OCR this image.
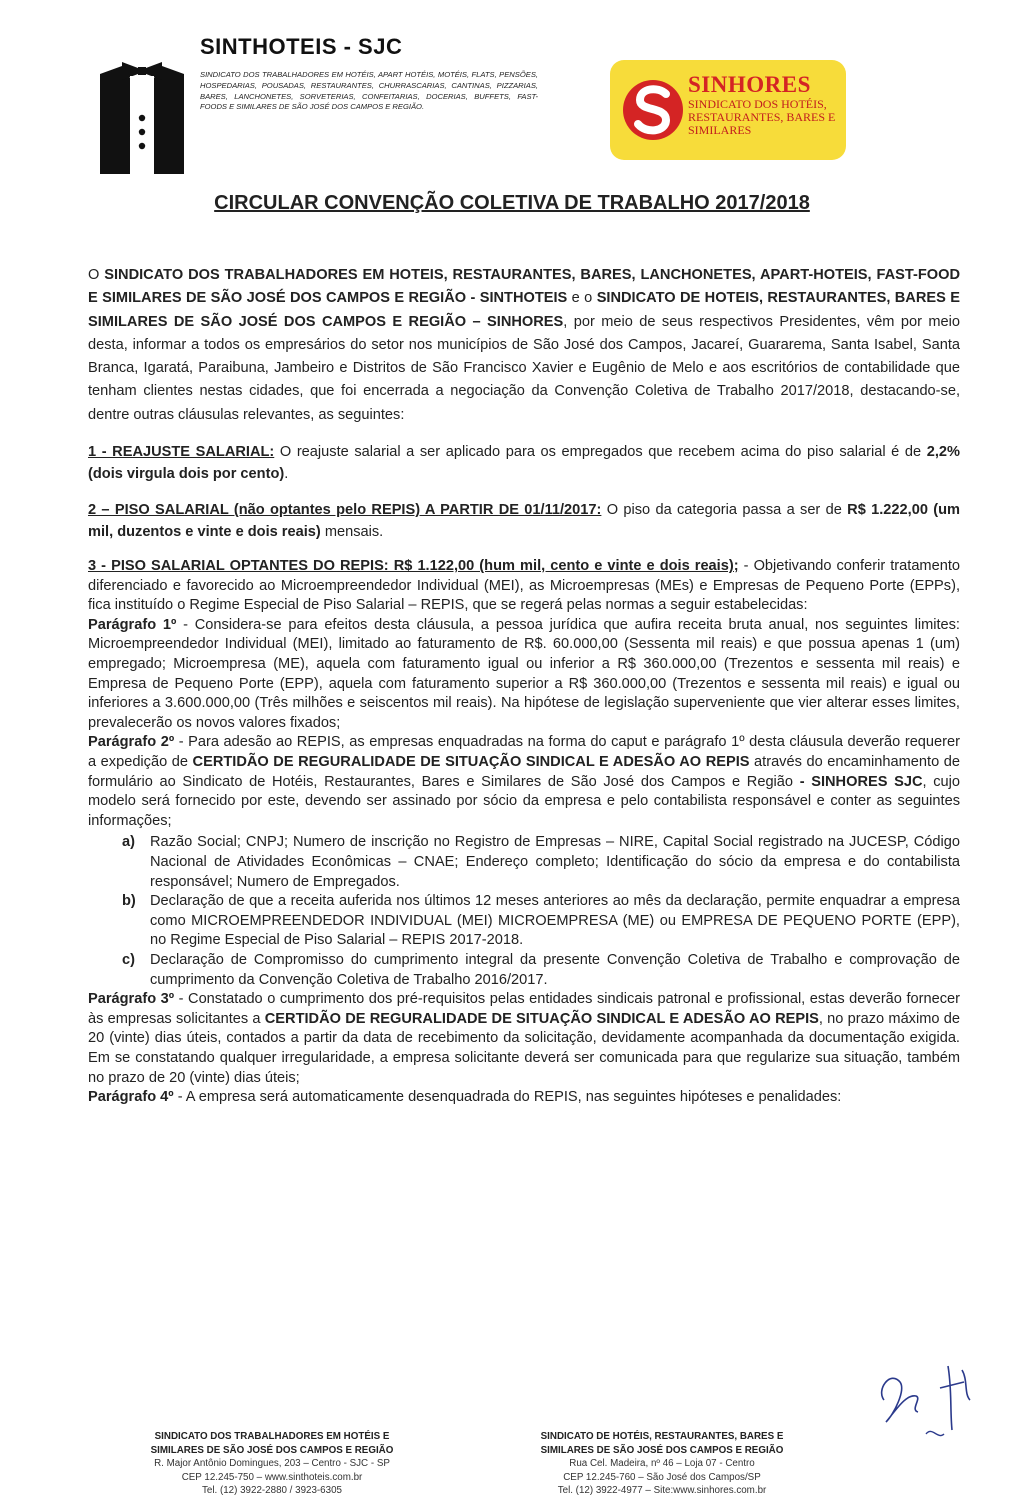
SINTHOTEIS - SJC
SINDICATO DOS TRABALHADORES EM HOTÉIS, APART HOTÉIS, MOTÉIS, FLATS, PENSÕES, HOSPEDARIAS, POUSADAS, RESTAURANTES, CHURRASCARIAS, CANTINAS, PIZZARIAS, BARES, LANCHONETES, SORVETERIAS, CONFEITARIAS, DOCERIAS, BUFFETS, FAST-FOODS E SIMILARES DE SÃO JOSÉ DOS CAMPOS E REGIÃO.
SINHORES
SINDICATO DOS HOTÉIS, RESTAURANTES, BARES E SIMILARES
CIRCULAR CONVENÇÃO COLETIVA DE TRABALHO 2017/2018

O SINDICATO DOS TRABALHADORES EM HOTEIS, RESTAURANTES, BARES, LANCHONETES, APART-HOTEIS, FAST-FOOD E SIMILARES DE SÃO JOSÉ DOS CAMPOS E REGIÃO - SINTHOTEIS e o SINDICATO DE HOTEIS, RESTAURANTES, BARES E SIMILARES DE SÃO JOSÉ DOS CAMPOS E REGIÃO – SINHORES, por meio de seus respectivos Presidentes, vêm por meio desta, informar a todos os empresários do setor nos municípios de São José dos Campos, Jacareí, Guararema, Santa Isabel, Santa Branca, Igaratá, Paraibuna, Jambeiro e Distritos de São Francisco Xavier e Eugênio de Melo e aos escritórios de contabilidade que tenham clientes nestas cidades, que foi encerrada a negociação da Convenção Coletiva de Trabalho 2017/2018, destacando-se, dentre outras cláusulas relevantes, as seguintes:

1 - REAJUSTE SALARIAL: O reajuste salarial a ser aplicado para os empregados que recebem acima do piso salarial é de 2,2% (dois virgula dois por cento).

2 – PISO SALARIAL (não optantes pelo REPIS) A PARTIR DE 01/11/2017: O piso da categoria passa a ser de R$ 1.222,00 (um mil, duzentos e vinte e dois reais) mensais.

3 - PISO SALARIAL OPTANTES DO REPIS: R$ 1.122,00 (hum mil, cento e vinte e dois reais); - Objetivando conferir tratamento diferenciado e favorecido ao Microempreendedor Individual (MEI), as Microempresas (MEs) e Empresas de Pequeno Porte (EPPs), fica instituído o Regime Especial de Piso Salarial – REPIS, que se regerá pelas normas a seguir estabelecidas:

Parágrafo 1º - Considera-se para efeitos desta cláusula, a pessoa jurídica que aufira receita bruta anual, nos seguintes limites: Microempreendedor Individual (MEI), limitado ao faturamento de R$. 60.000,00 (Sessenta mil reais) e que possua apenas 1 (um) empregado; Microempresa (ME), aquela com faturamento igual ou inferior a R$ 360.000,00 (Trezentos e sessenta mil reais) e Empresa de Pequeno Porte (EPP), aquela com faturamento superior a R$ 360.000,00 (Trezentos e sessenta mil reais) e igual ou inferiores a 3.600.000,00 (Três milhões e seiscentos mil reais). Na hipótese de legislação superveniente que vier alterar esses limites, prevalecerão os novos valores fixados;

Parágrafo 2º - Para adesão ao REPIS, as empresas enquadradas na forma do caput e parágrafo 1º desta cláusula deverão requerer a expedição de CERTIDÃO DE REGURALIDADE DE SITUAÇÃO SINDICAL E ADESÃO AO REPIS através do encaminhamento de formulário ao Sindicato de Hotéis, Restaurantes, Bares e Similares de São José dos Campos e Região - SINHORES SJC, cujo modelo será fornecido por este, devendo ser assinado por sócio da empresa e pelo contabilista responsável e conter as seguintes informações;

a) Razão Social; CNPJ; Numero de inscrição no Registro de Empresas – NIRE, Capital Social registrado na JUCESP, Código Nacional de Atividades Econômicas – CNAE; Endereço completo; Identificação do sócio da empresa e do contabilista responsável; Numero de Empregados.
b) Declaração de que a receita auferida nos últimos 12 meses anteriores ao mês da declaração, permite enquadrar a empresa como MICROEMPREENDEDOR INDIVIDUAL (MEI) MICROEMPRESA (ME) ou EMPRESA DE PEQUENO PORTE (EPP), no Regime Especial de Piso Salarial – REPIS 2017-2018.
c) Declaração de Compromisso do cumprimento integral da presente Convenção Coletiva de Trabalho e comprovação de cumprimento da Convenção Coletiva de Trabalho 2016/2017.

Parágrafo 3º - Constatado o cumprimento dos pré-requisitos pelas entidades sindicais patronal e profissional, estas deverão fornecer às empresas solicitantes a CERTIDÃO DE REGURALIDADE DE SITUAÇÃO SINDICAL E ADESÃO AO REPIS, no prazo máximo de 20 (vinte) dias úteis, contados a partir da data de recebimento da solicitação, devidamente acompanhada da documentação exigida. Em se constatando qualquer irregularidade, a empresa solicitante deverá ser comunicada para que regularize sua situação, também no prazo de 20 (vinte) dias úteis;

Parágrafo 4º - A empresa será automaticamente desenquadrada do REPIS, nas seguintes hipóteses e penalidades:

SINDICATO DOS TRABALHADORES EM HOTÉIS E
SIMILARES DE SÃO JOSÉ DOS CAMPOS E REGIÃO
R. Major Antônio Domingues, 203 – Centro - SJC - SP
CEP 12.245-750 – www.sinthoteis.com.br
Tel. (12) 3922-2880 / 3923-6305
SINDICATO DE HOTÉIS, RESTAURANTES, BARES E
SIMILARES DE SÃO JOSÉ DOS CAMPOS E REGIÃO
Rua Cel. Madeira, nº 46 – Loja 07 - Centro
CEP 12.245-760 – São José dos Campos/SP
Tel. (12) 3922-4977 – Site:www.sinhores.com.br
